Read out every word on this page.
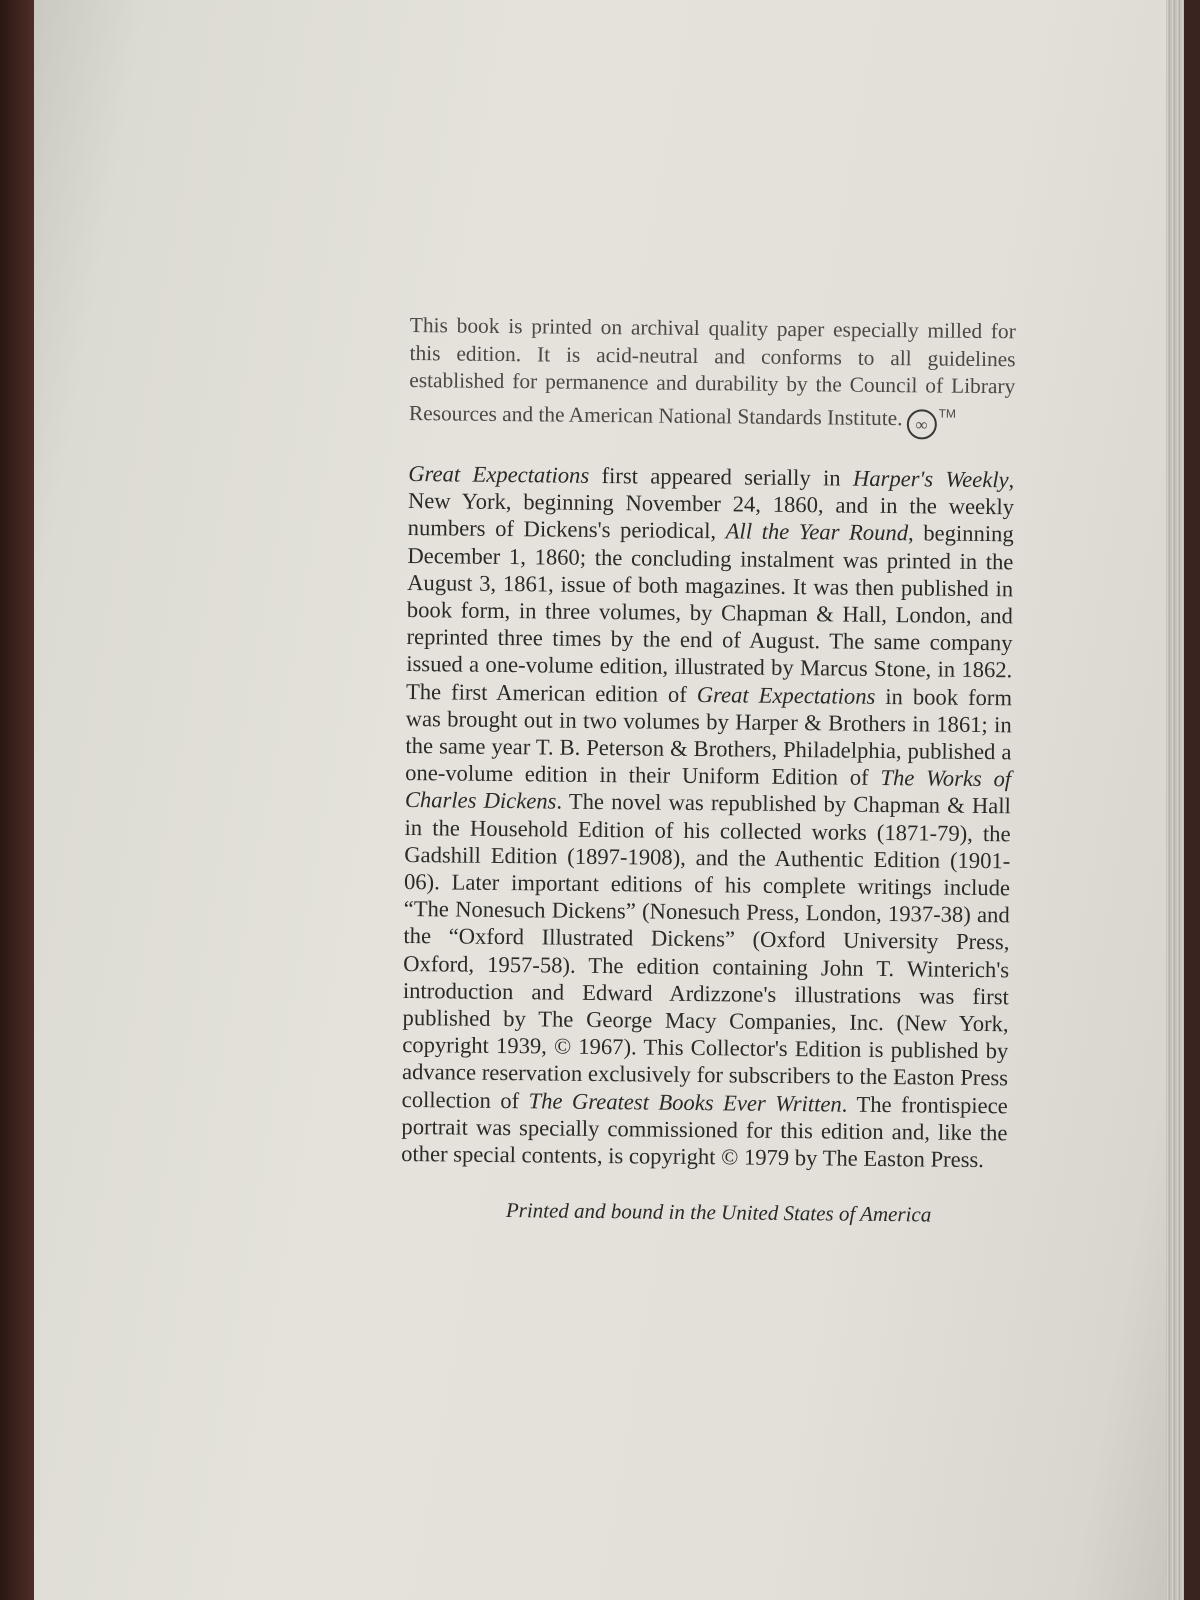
This book is printed on archival quality paper especially milled for this edition. It is acid-neutral and conforms to all guidelines established for permanence and durability by the Council of Library Resources and the American National Standards Institute. ∞™

Great Expectations first appeared serially in Harper's Weekly, New York, beginning November 24, 1860, and in the weekly numbers of Dickens's periodical, All the Year Round, beginning December 1, 1860; the concluding instalment was printed in the August 3, 1861, issue of both magazines. It was then published in book form, in three volumes, by Chapman & Hall, London, and reprinted three times by the end of August. The same company issued a one-volume edition, illustrated by Marcus Stone, in 1862. The first American edition of Great Expectations in book form was brought out in two volumes by Harper & Brothers in 1861; in the same year T. B. Peterson & Brothers, Philadelphia, published a one-volume edition in their Uniform Edition of The Works of Charles Dickens. The novel was republished by Chapman & Hall in the Household Edition of his collected works (1871-79), the Gadshill Edition (1897-1908), and the Authentic Edition (1901-06). Later important editions of his complete writings include “The Nonesuch Dickens” (Nonesuch Press, London, 1937-38) and the “Oxford Illustrated Dickens” (Oxford University Press, Oxford, 1957-58). The edition containing John T. Winterich's introduction and Edward Ardizzone's illustrations was first published by The George Macy Companies, Inc. (New York, copyright 1939, © 1967). This Collector's Edition is published by advance reservation exclusively for subscribers to the Easton Press collection of The Greatest Books Ever Written. The frontispiece portrait was specially commissioned for this edition and, like the other special contents, is copyright © 1979 by The Easton Press.

Printed and bound in the United States of America
